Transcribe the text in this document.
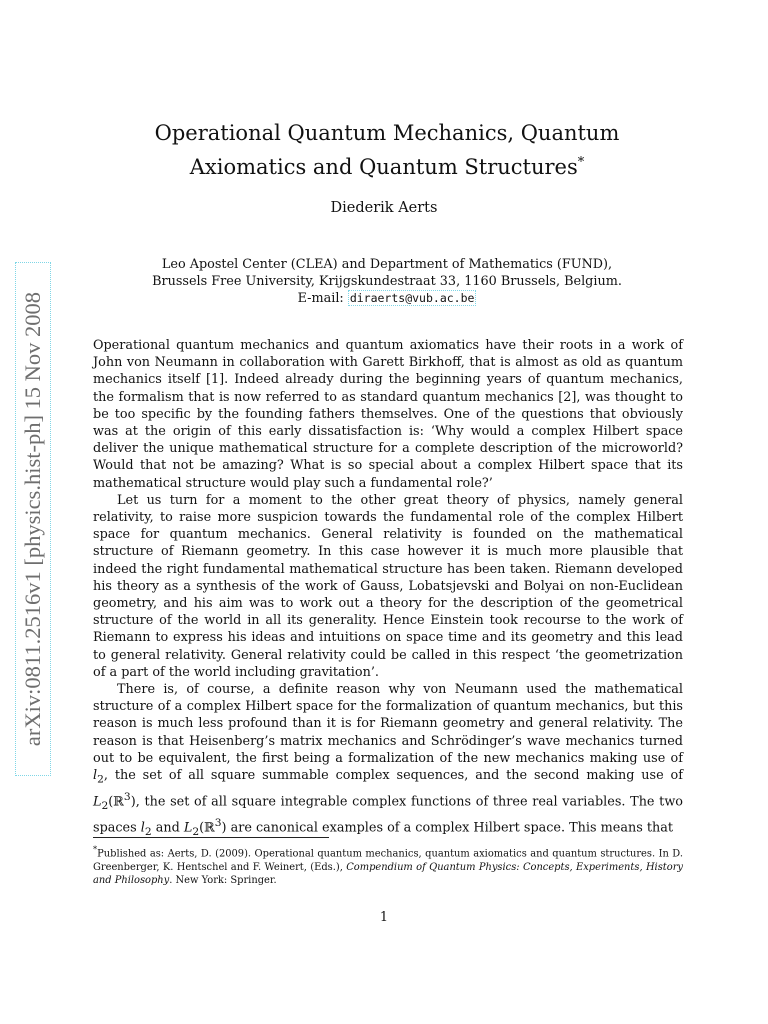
arXiv:0811.2516v1 [physics.hist-ph] 15 Nov 2008
Operational Quantum Mechanics, Quantum
Axiomatics and Quantum Structures*
Diederik Aerts
Leo Apostel Center (CLEA) and Department of Mathematics (FUND),
Brussels Free University, Krijgskundestraat 33, 1160 Brussels, Belgium.
E-mail: diraerts@vub.ac.be

Operational quantum mechanics and quantum axiomatics have their roots in a work of John von Neumann in collaboration with Garett Birkhoff, that is almost as old as quantum mechanics itself [1]. Indeed already during the beginning years of quantum mechanics, the formalism that is now referred to as standard quantum mechanics [2], was thought to be too specific by the founding fathers themselves. One of the questions that obviously was at the origin of this early dissatisfaction is: ‘Why would a complex Hilbert space deliver the unique mathematical structure for a complete description of the microworld? Would that not be amazing? What is so special about a complex Hilbert space that its mathematical structure would play such a fundamental role?’

Let us turn for a moment to the other great theory of physics, namely general relativity, to raise more suspicion towards the fundamental role of the complex Hilbert space for quantum mechanics. General relativity is founded on the mathematical structure of Riemann geometry. In this case however it is much more plausible that indeed the right fundamental mathematical structure has been taken. Riemann developed his theory as a synthesis of the work of Gauss, Lobatsjevski and Bolyai on non-Euclidean geometry, and his aim was to work out a theory for the description of the geometrical structure of the world in all its generality. Hence Einstein took recourse to the work of Riemann to express his ideas and intuitions on space time and its geometry and this lead to general relativity. General relativity could be called in this respect ‘the geometrization of a part of the world including gravitation’.

There is, of course, a definite reason why von Neumann used the mathematical structure of a complex Hilbert space for the formalization of quantum mechanics, but this reason is much less profound than it is for Riemann geometry and general relativity. The reason is that Heisenberg’s matrix mechanics and Schrödinger’s wave mechanics turned out to be equivalent, the first being a formalization of the new mechanics making use of $l_2$, the set of all square summable complex sequences, and the second making use of $L_2(ℝ^3)$, the set of all square integrable complex functions of three real variables. The two spaces $l_2$ and $L_2(ℝ^3)$ are canonical examples of a complex Hilbert space. This means that

*Published as: Aerts, D. (2009). Operational quantum mechanics, quantum axiomatics and quantum structures. In D. Greenberger, K. Hentschel and F. Weinert, (Eds.), Compendium of Quantum Physics: Concepts, Experiments, History and Philosophy. New York: Springer.

1
